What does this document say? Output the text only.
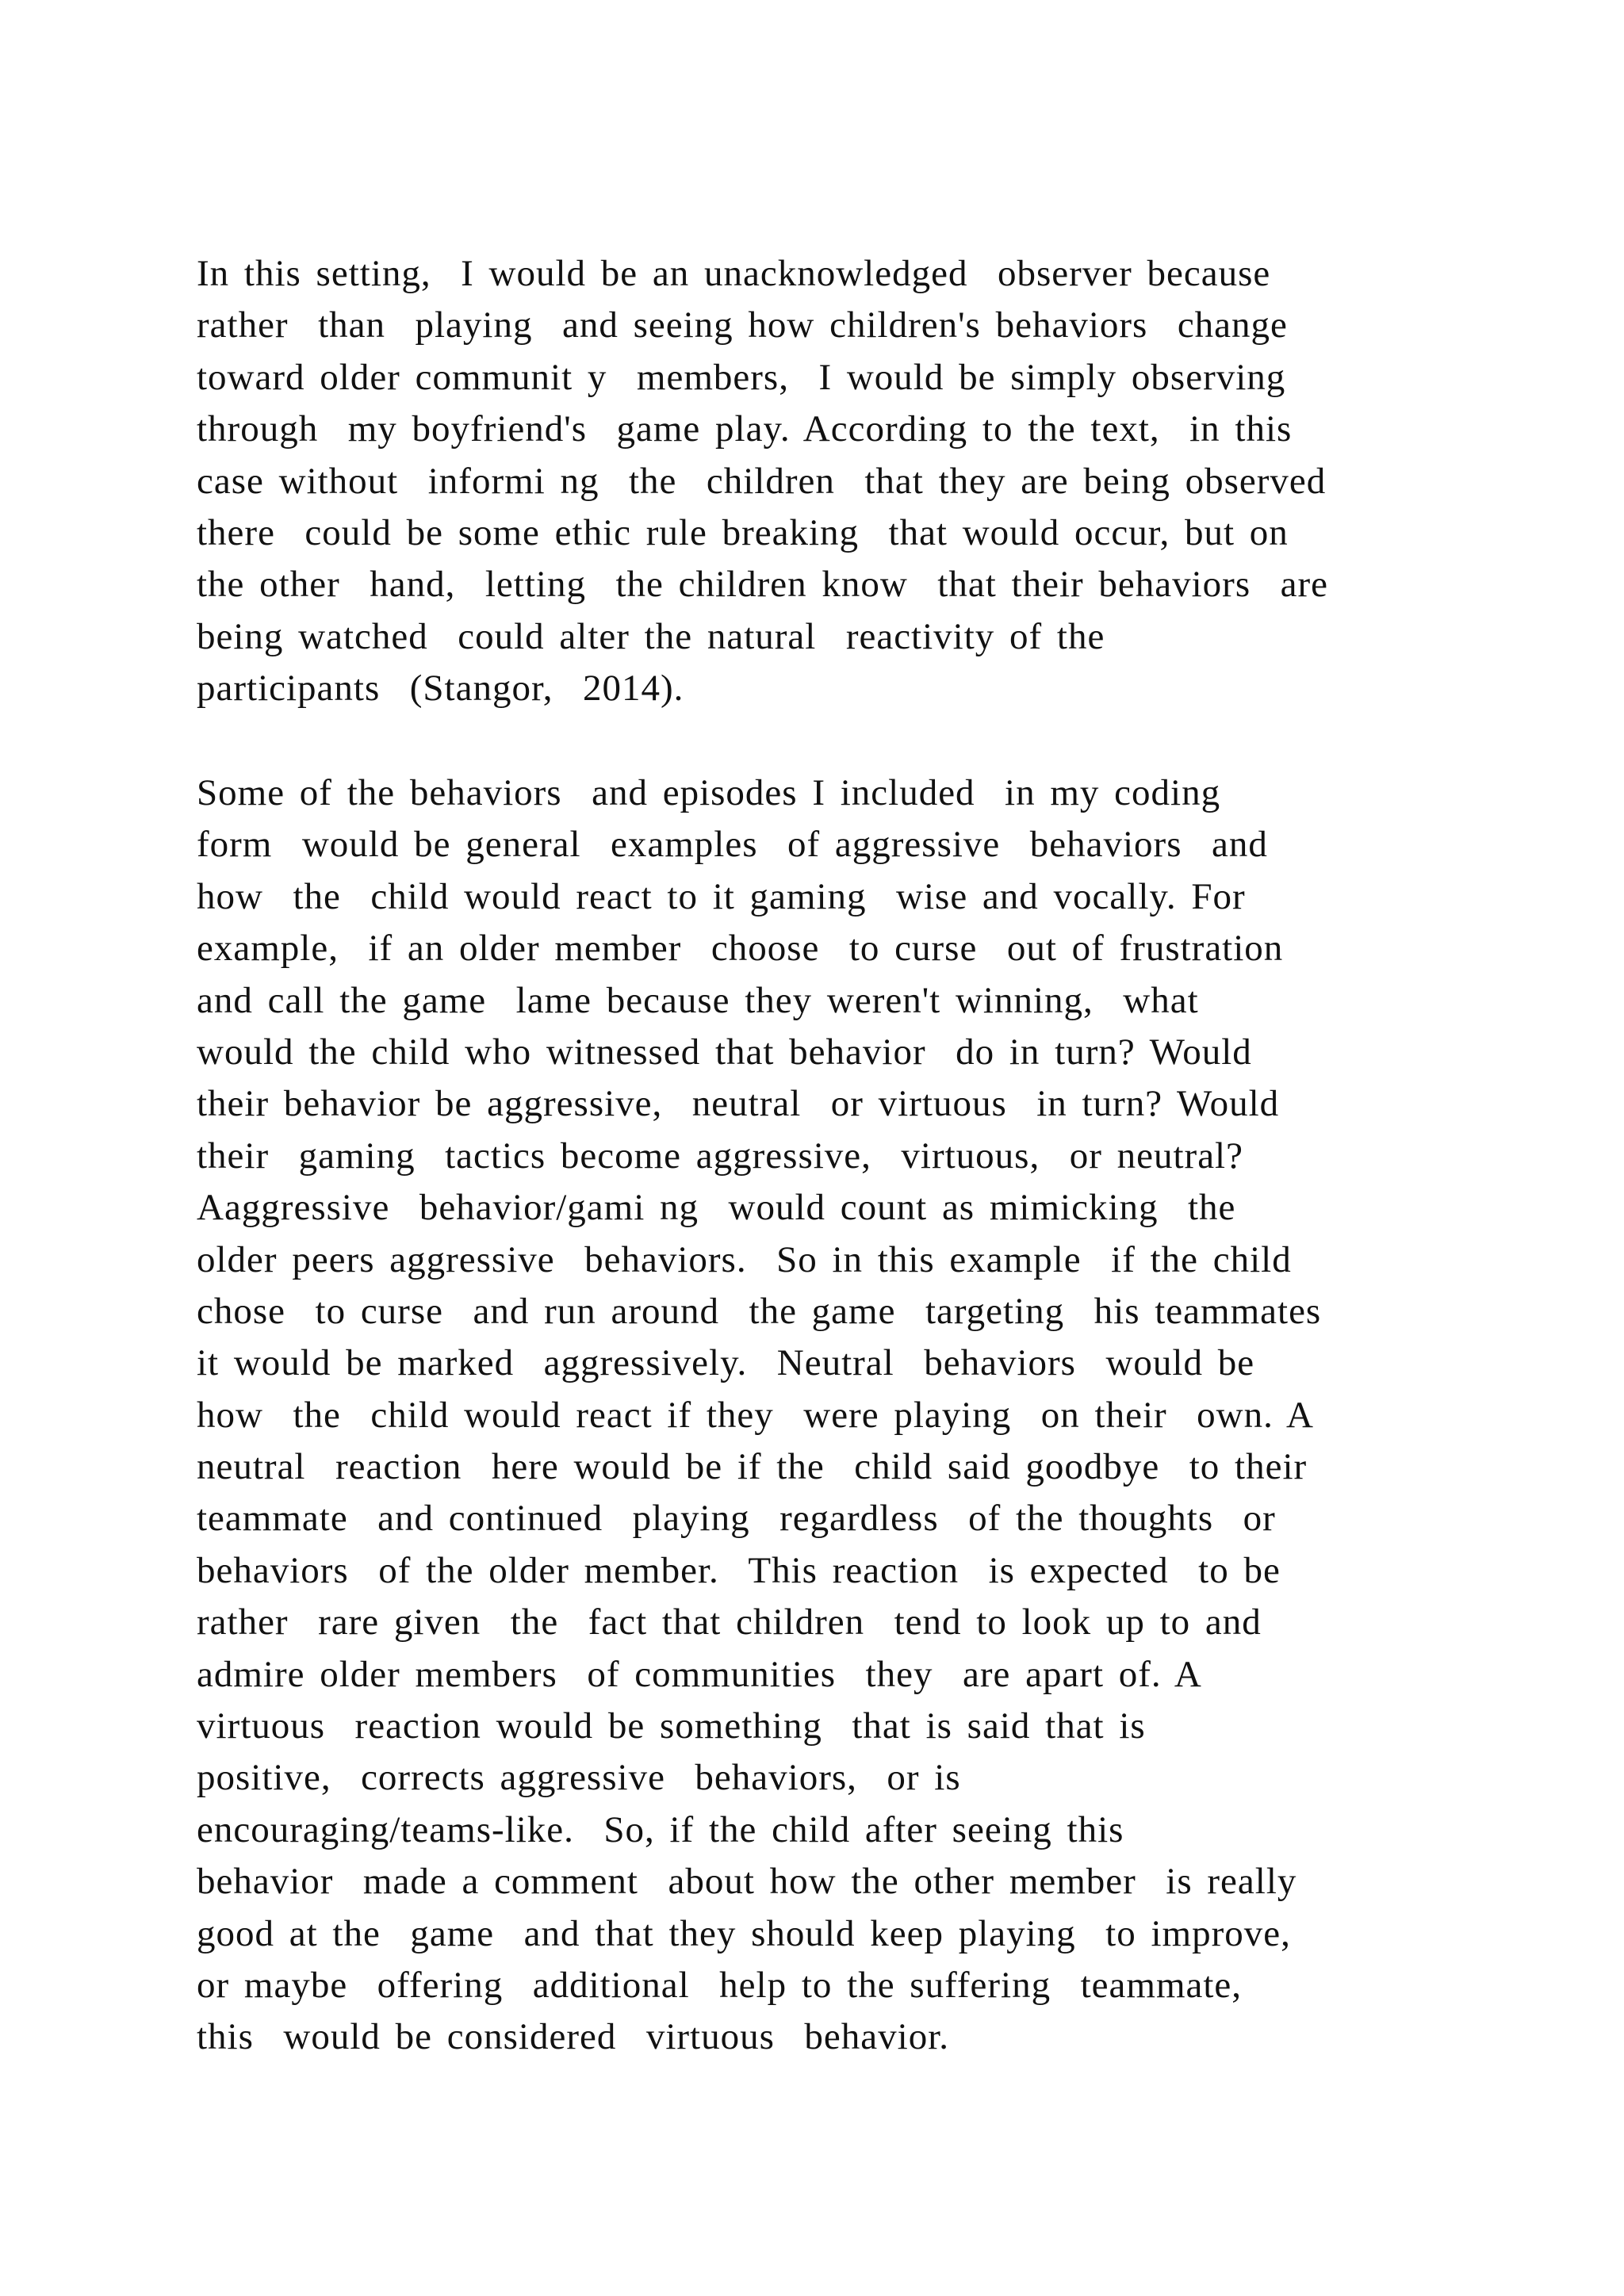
In this setting,  I would be an unacknowledged  observer because
rather  than  playing  and seeing how children's behaviors  change
toward older communit y  members,  I would be simply observing
through  my boyfriend's  game play. According to the text,  in this
case without  informi ng  the  children  that they are being observed
there  could be some ethic rule breaking  that would occur, but on
the other  hand,  letting  the children know  that their behaviors  are
being watched  could alter the natural  reactivity of the
participants  (Stangor,  2014).
Some of the behaviors  and episodes I included  in my coding
form  would be general  examples  of aggressive  behaviors  and
how  the  child would react to it gaming  wise and vocally. For
example,  if an older member  choose  to curse  out of frustration
and call the game  lame because they weren't winning,  what
would the child who witnessed that behavior  do in turn? Would
their behavior be aggressive,  neutral  or virtuous  in turn? Would
their  gaming  tactics become aggressive,  virtuous,  or neutral?
Aaggressive  behavior/gami ng  would count as mimicking  the
older peers aggressive  behaviors.  So in this example  if the child
chose  to curse  and run around  the game  targeting  his teammates
it would be marked  aggressively.  Neutral  behaviors  would be
how  the  child would react if they  were playing  on their  own. A
neutral  reaction  here would be if the  child said goodbye  to their
teammate  and continued  playing  regardless  of the thoughts  or
behaviors  of the older member.  This reaction  is expected  to be
rather  rare given  the  fact that children  tend to look up to and
admire older members  of communities  they  are apart of. A
virtuous  reaction would be something  that is said that is
positive,  corrects aggressive  behaviors,  or is
encouraging/teams-like.  So, if the child after seeing this
behavior  made a comment  about how the other member  is really
good at the  game  and that they should keep playing  to improve,
or maybe  offering  additional  help to the suffering  teammate,
this  would be considered  virtuous  behavior.
